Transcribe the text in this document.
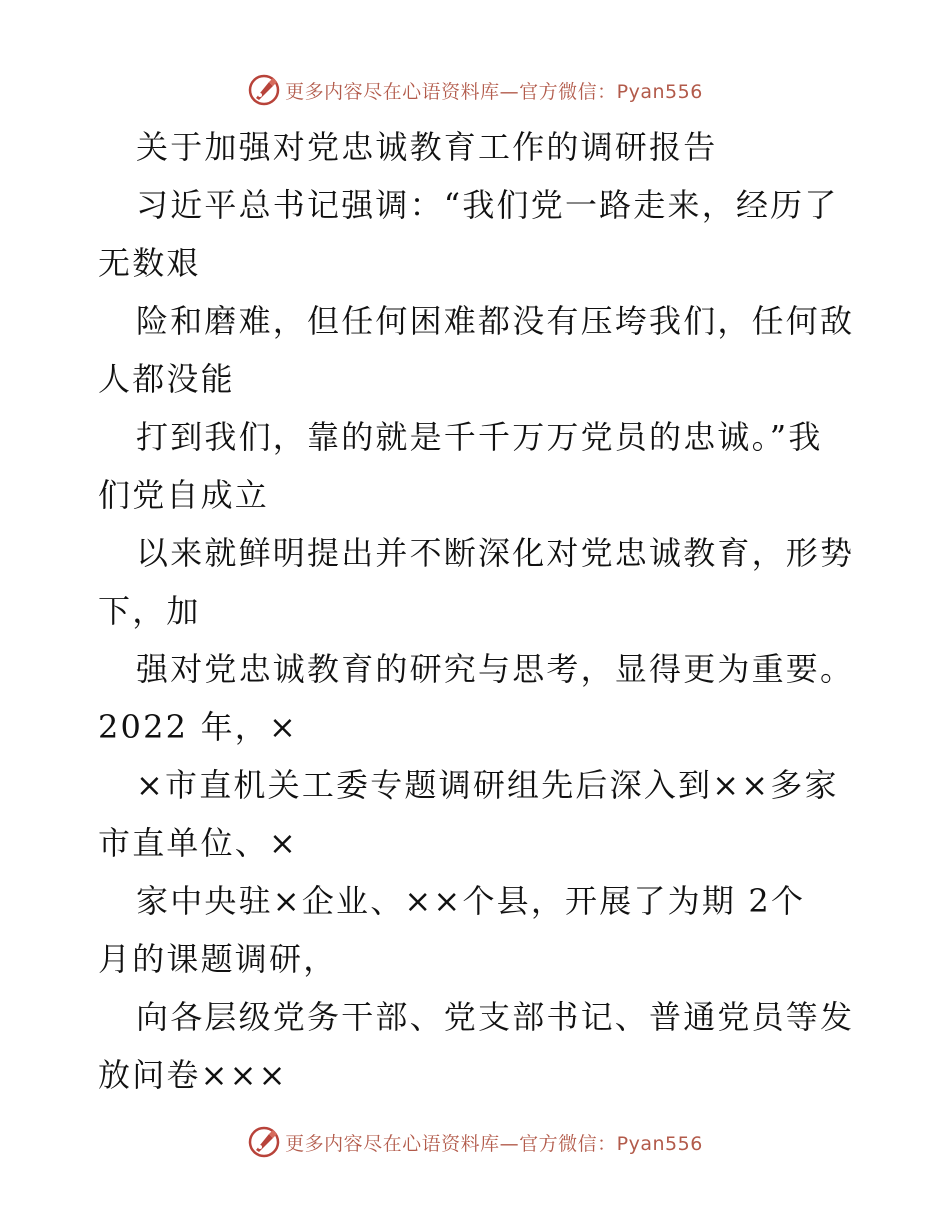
更多内容尽在心语资料库—官方微信：Pyan556
关于加强对党忠诚教育工作的调研报告
习近平总书记强调：“我们党一路走来，经历了
无数艰
险和磨难，但任何困难都没有压垮我们，任何敌
人都没能
打到我们，靠的就是千千万万党员的忠诚。”我
们党自成立
以来就鲜明提出并不断深化对党忠诚教育，形势
下，加
强对党忠诚教育的研究与思考，显得更为重要。
2022 年，×
×市直机关工委专题调研组先后深入到××多家
市直单位、×
家中央驻×企业、××个县，开展了为期 2个
月的课题调研，
向各层级党务干部、党支部书记、普通党员等发
放问卷×××
更多内容尽在心语资料库—官方微信：Pyan556
